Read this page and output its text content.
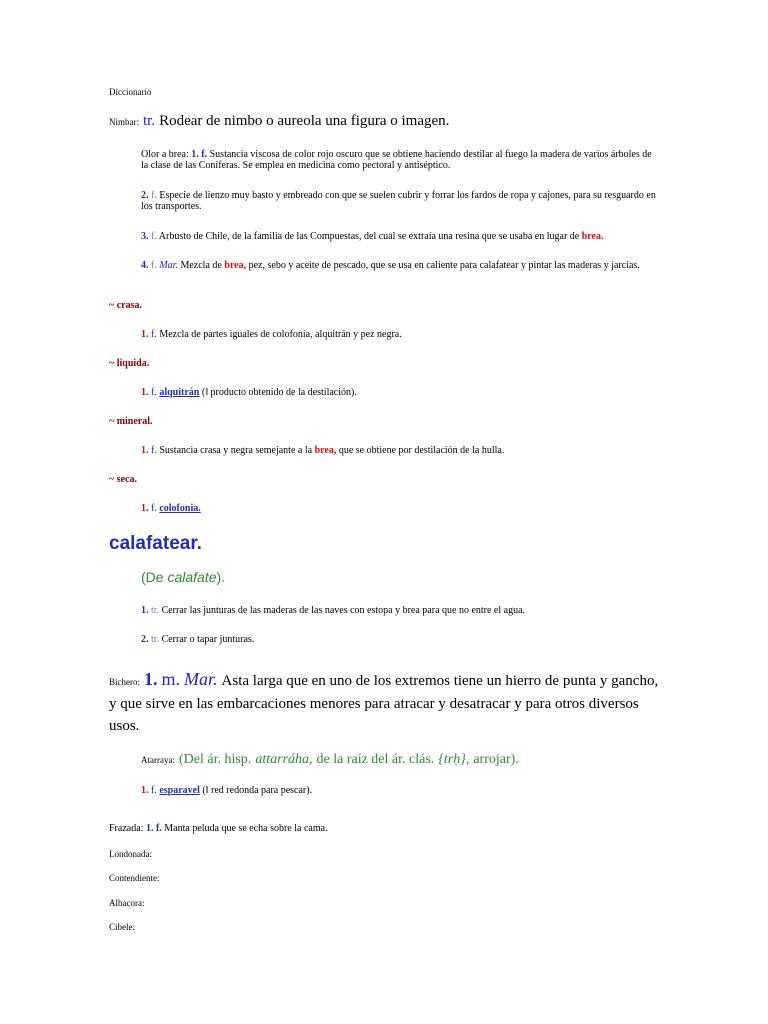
Diccionario
Nimbar: tr. Rodear de nimbo o aureola una figura o imagen.
Olor a brea: 1. f. Sustancia viscosa de color rojo oscuro que se obtiene haciendo destilar al fuego la madera de varios árboles de la clase de las Coníferas. Se emplea en medicina como pectoral y antiséptico.
2. f. Especie de lienzo muy basto y embreado con que se suelen cubrir y forrar los fardos de ropa y cajones, para su resguardo en los transportes.
3. f. Arbusto de Chile, de la familia de las Compuestas, del cual se extraía una resina que se usaba en lugar de brea.
4. f. Mar. Mezcla de brea, pez, sebo y aceite de pescado, que se usa en caliente para calafatear y pintar las maderas y jarcias.
~ crasa.
1. f. Mezcla de partes iguales de colofonia, alquitrán y pez negra.
~ líquida.
1. f. alquitrán (‖ producto obtenido de la destilación).
~ mineral.
1. f. Sustancia crasa y negra semejante a la brea, que se obtiene por destilación de la hulla.
~ seca.
1. f. colofonia.
calafatear.
(De calafate).
1. tr. Cerrar las junturas de las maderas de las naves con estopa y brea para que no entre el agua.
2. tr. Cerrar o tapar junturas.
Bichero: 1. m. Mar. Asta larga que en uno de los extremos tiene un hierro de punta y gancho, y que sirve en las embarcaciones menores para atracar y desatracar y para otros diversos usos.
Atarraya: (Del ár. hisp. attarráha, de la raíz del ár. clás. {trḥ}, arrojar).
1. f. esparavel (‖ red redonda para pescar).
Frazada: 1. f. Manta peluda que se echa sobre la cama.
Londonada:
Contendiente:
Albacora:
Cibele:
